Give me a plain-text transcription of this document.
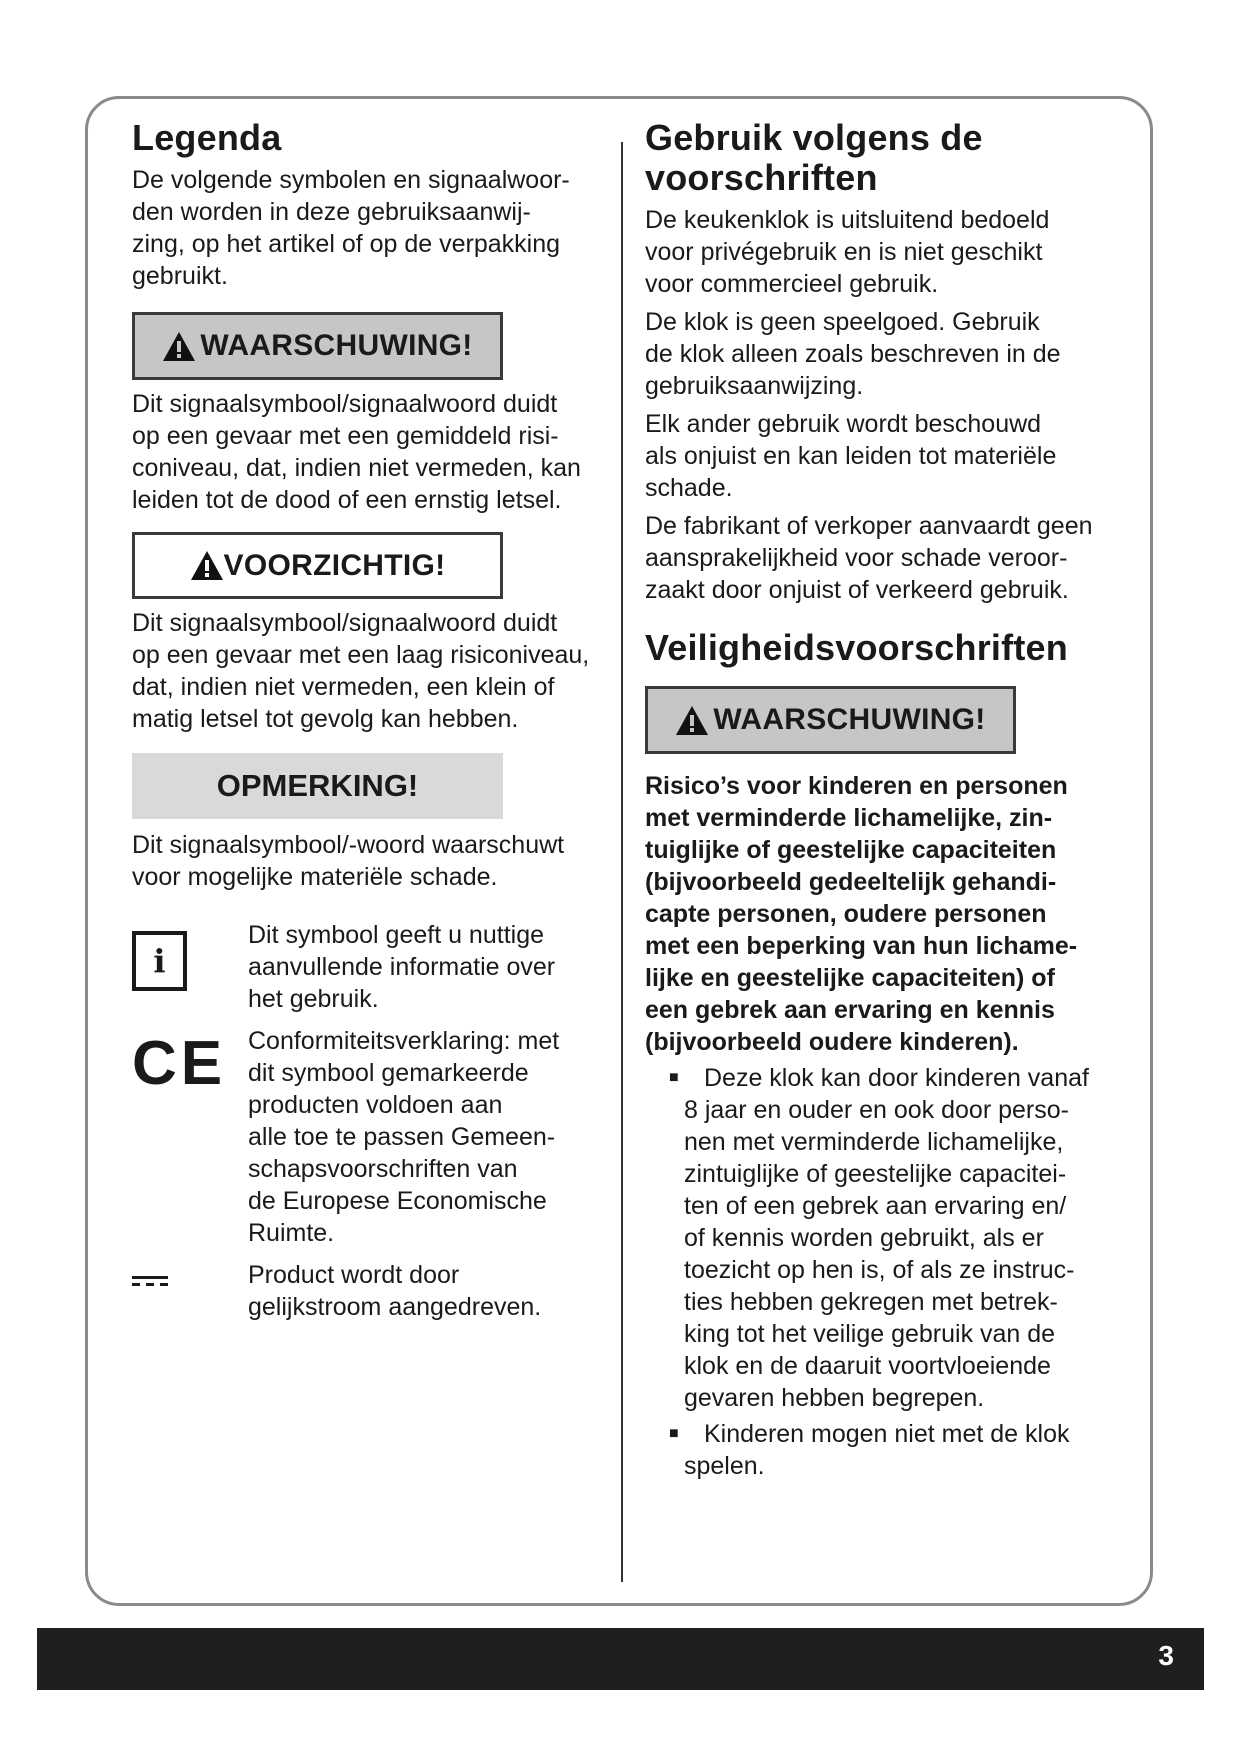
Legenda

De volgende symbolen en signaalwoor-
den worden in deze gebruiksaanwij-
zing, op het artikel of op de verpakking
gebruikt.

WAARSCHUWING!

Dit signaalsymbool/signaalwoord duidt
op een gevaar met een gemiddeld risi-
coniveau, dat, indien niet vermeden, kan
leiden tot de dood of een ernstig letsel.

VOORZICHTIG!

Dit signaalsymbool/signaalwoord duidt
op een gevaar met een laag risiconiveau,
dat, indien niet vermeden, een klein of
matig letsel tot gevolg kan hebben.

OPMERKING!

Dit signaalsymbool/-woord waarschuwt
voor mogelijke materiële schade.

i
Dit symbool geeft u nuttige
aanvullende informatie over
het gebruik.
CE Conformiteitsverklaring: met
dit symbool gemarkeerde
producten voldoen aan
alle toe te passen Gemeen-
schapsvoorschriften van
de Europese Economische
Ruimte.
Product wordt door
gelijkstroom aangedreven.
Gebruik volgens de
voorschriften

De keukenklok is uitsluitend bedoeld
voor privégebruik en is niet geschikt
voor commercieel gebruik.

De klok is geen speelgoed. Gebruik
de klok alleen zoals beschreven in de
gebruiksaanwijzing.

Elk ander gebruik wordt beschouwd
als onjuist en kan leiden tot materiële
schade.

De fabrikant of verkoper aanvaardt geen
aansprakelijkheid voor schade veroor-
zaakt door onjuist of verkeerd gebruik.

Veiligheidsvoorschriften
WAARSCHUWING!
Risico’s voor kinderen en personen
met verminderde lichamelijke, zin-
tuiglijke of geestelijke capaciteiten
(bijvoorbeeld gedeeltelijk gehandi-
capte personen, oudere personen
met een beperking van hun lichame-
lijke en geestelijke capaciteiten) of
een gebrek aan ervaring en kennis
(bijvoorbeeld oudere kinderen).
■ Deze klok kan door kinderen vanaf
8 jaar en ouder en ook door perso-
nen met verminderde lichamelijke,
zintuiglijke of geestelijke capacitei-
ten of een gebrek aan ervaring en/
of kennis worden gebruikt, als er
toezicht op hen is, of als ze instruc-
ties hebben gekregen met betrek-
king tot het veilige gebruik van de
klok en de daaruit voortvloeiende
gevaren hebben begrepen.
■ Kinderen mogen niet met de klok
spelen.
3
